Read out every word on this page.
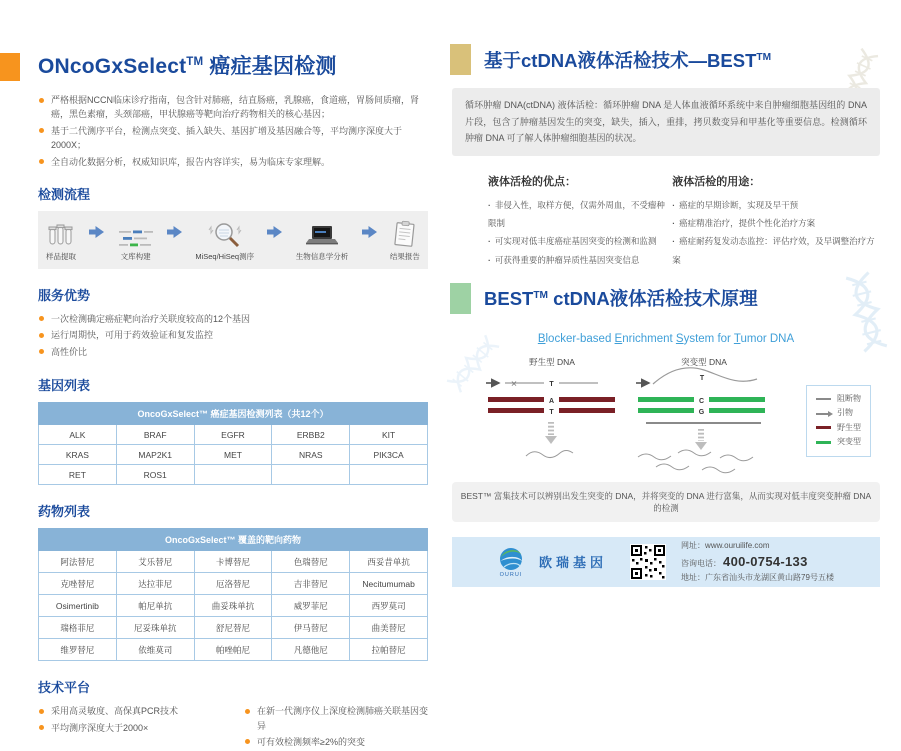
ONcoGxSelect™ 癌症基因检测
严格根据NCCN临床诊疗指南，包含针对肺癌，结直肠癌，乳腺癌，食道癌，胃肠间质瘤，肾癌，黑色素瘤，头颈部癌，甲状腺癌等靶向治疗药物相关的核心基因；
基于二代测序平台，检测点突变、插入缺失、基因扩增及基因融合等，平均测序深度大于2000X；
全自动化数据分析，权威知识库，报告内容详实，易为临床专家理解。
检测流程
样品提取	文库构建	MiSeq/HiSeq测序	生物信息学分析	结果报告
服务优势
一次检测确定癌症靶向治疗关联度较高的12个基因
运行周期快，可用于药效验证和复发监控
高性价比
基因列表
OncoGxSelect™ 癌症基因检测列表（共12个）				
ALK	BRAF	EGFR	ERBB2	KIT
KRAS	MAP2K1	MET	NRAS	PIK3CA
RET	ROS1			
药物列表
OncoGxSelect™ 覆盖的靶向药物				
阿法替尼	艾乐替尼	卡博替尼	色瑞替尼	西妥昔单抗
克唑替尼	达拉菲尼	厄洛替尼	吉非替尼	Necitumumab
Osimertinib	帕尼单抗	曲妥珠单抗	威罗菲尼	西罗莫司
瑞格菲尼	尼妥珠单抗	舒尼替尼	伊马替尼	曲美替尼
维罗替尼	依维莫司	帕唑帕尼	凡德他尼	拉帕替尼
技术平台
采用高灵敏度、高保真PCR技术
平均测序深度大于2000×
在新一代测序仪上深度检测肺癌关联基因变异
可有效检测频率≥2%的突变
基于ctDNA液体活检技术—BEST™
循环肿瘤 DNA(ctDNA) 液体活检：循环肿瘤 DNA 是人体血液循环系统中来自肿瘤细胞基因组的 DNA 片段，包含了肿瘤基因发生的突变，缺失，插入，重排，拷贝数变异和甲基化等重要信息。检测循环肿瘤 DNA 可了解人体肿瘤细胞基因的状况。
液体活检的优点：
· 非侵入性，取样方便，仅需外周血，不受瘤种限制
· 可实现对低丰度癌症基因突变的检测和监测
· 可获得重要的肿瘤异质性基因突变信息
液体活检的用途：
· 癌症的早期诊断，实现及早干预
· 癌症精准治疗，提供个性化治疗方案
· 癌症耐药复发动态监控：评估疗效，及早调整治疗方案
BEST™ ctDNA液体活检技术原理
Blocker-based Enrichment System for Tumor DNA
野生型 DNA
✕	T
A
T
突变型 DNA
T
C
G
阻断物
引物
野生型
突变型
BEST™ 富集技术可以辨别出发生突变的 DNA，并将突变的 DNA 进行富集，从而实现对低丰度突变肿瘤 DNA 的检测
OURUI
欧瑞基因
网址：www.ouruilife.com
咨询电话： 400-0754-133
地址：广东省汕头市龙湖区黄山路79号五楼
